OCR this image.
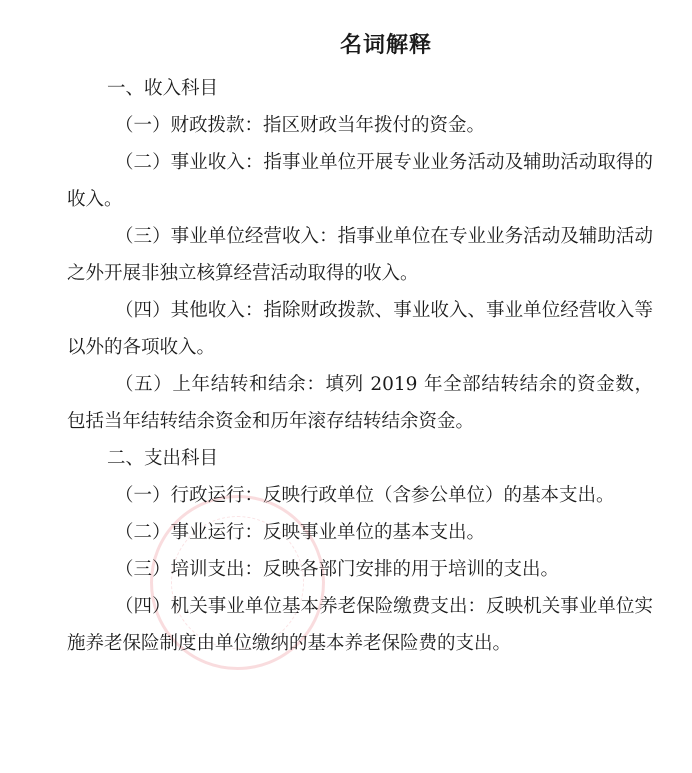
名词解释

一、收入科目

（一）财政拨款：指区财政当年拨付的资金。

（二）事业收入：指事业单位开展专业业务活动及辅助活动取得的收入。

（三）事业单位经营收入：指事业单位在专业业务活动及辅助活动之外开展非独立核算经营活动取得的收入。

（四）其他收入：指除财政拨款、事业收入、事业单位经营收入等以外的各项收入。

（五）上年结转和结余：填列 2019 年全部结转结余的资金数，包括当年结转结余资金和历年滚存结转结余资金。

二、支出科目

（一）行政运行：反映行政单位（含参公单位）的基本支出。

（二）事业运行：反映事业单位的基本支出。

（三）培训支出：反映各部门安排的用于培训的支出。

（四）机关事业单位基本养老保险缴费支出：反映机关事业单位实施养老保险制度由单位缴纳的基本养老保险费的支出。
